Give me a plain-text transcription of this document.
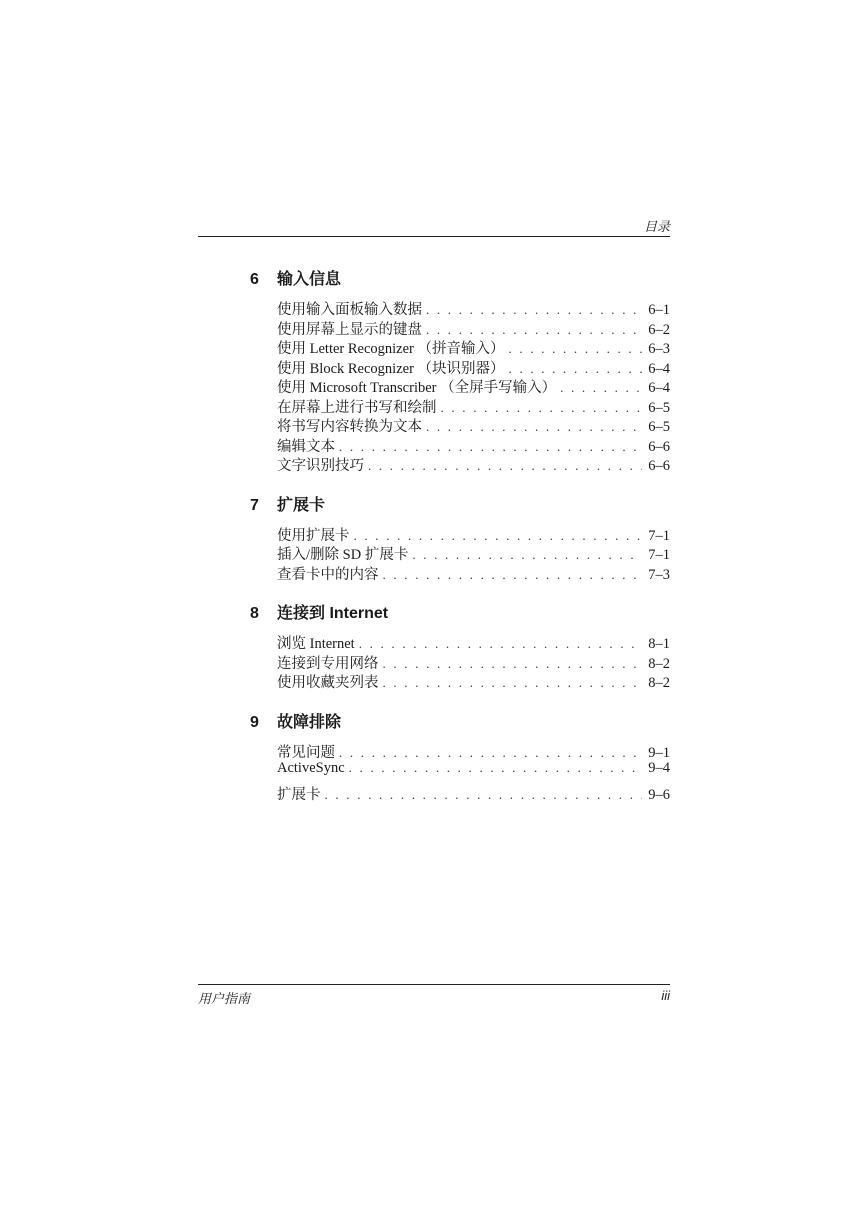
目录
6	输入信息
使用输入面板输入数据 . . .	6–1
使用屏幕上显示的键盘 . . .	6–2
使用 Letter Recognizer （拼音输入） . . .	6–3
使用 Block Recognizer （块识别器） . . .	6–4
使用 Microsoft Transcriber （全屏手写输入） . . .	6–4
在屏幕上进行书写和绘制 . . .	6–5
将书写内容转换为文本 . . .	6–5
编辑文本 . . .	6–6
文字识别技巧 . . .	6–6
7	扩展卡
使用扩展卡 . . .	7–1
插入/删除 SD 扩展卡 . . .	7–1
查看卡中的内容 . . .	7–3
8	连接到 Internet
浏览 Internet . . .	8–1
连接到专用网络 . . .	8–2
使用收藏夹列表 . . .	8–2
9	故障排除
常见问题 . . .	9–1
ActiveSync . . .	9–4
扩展卡 . . .	9–6
用户指南	iii
